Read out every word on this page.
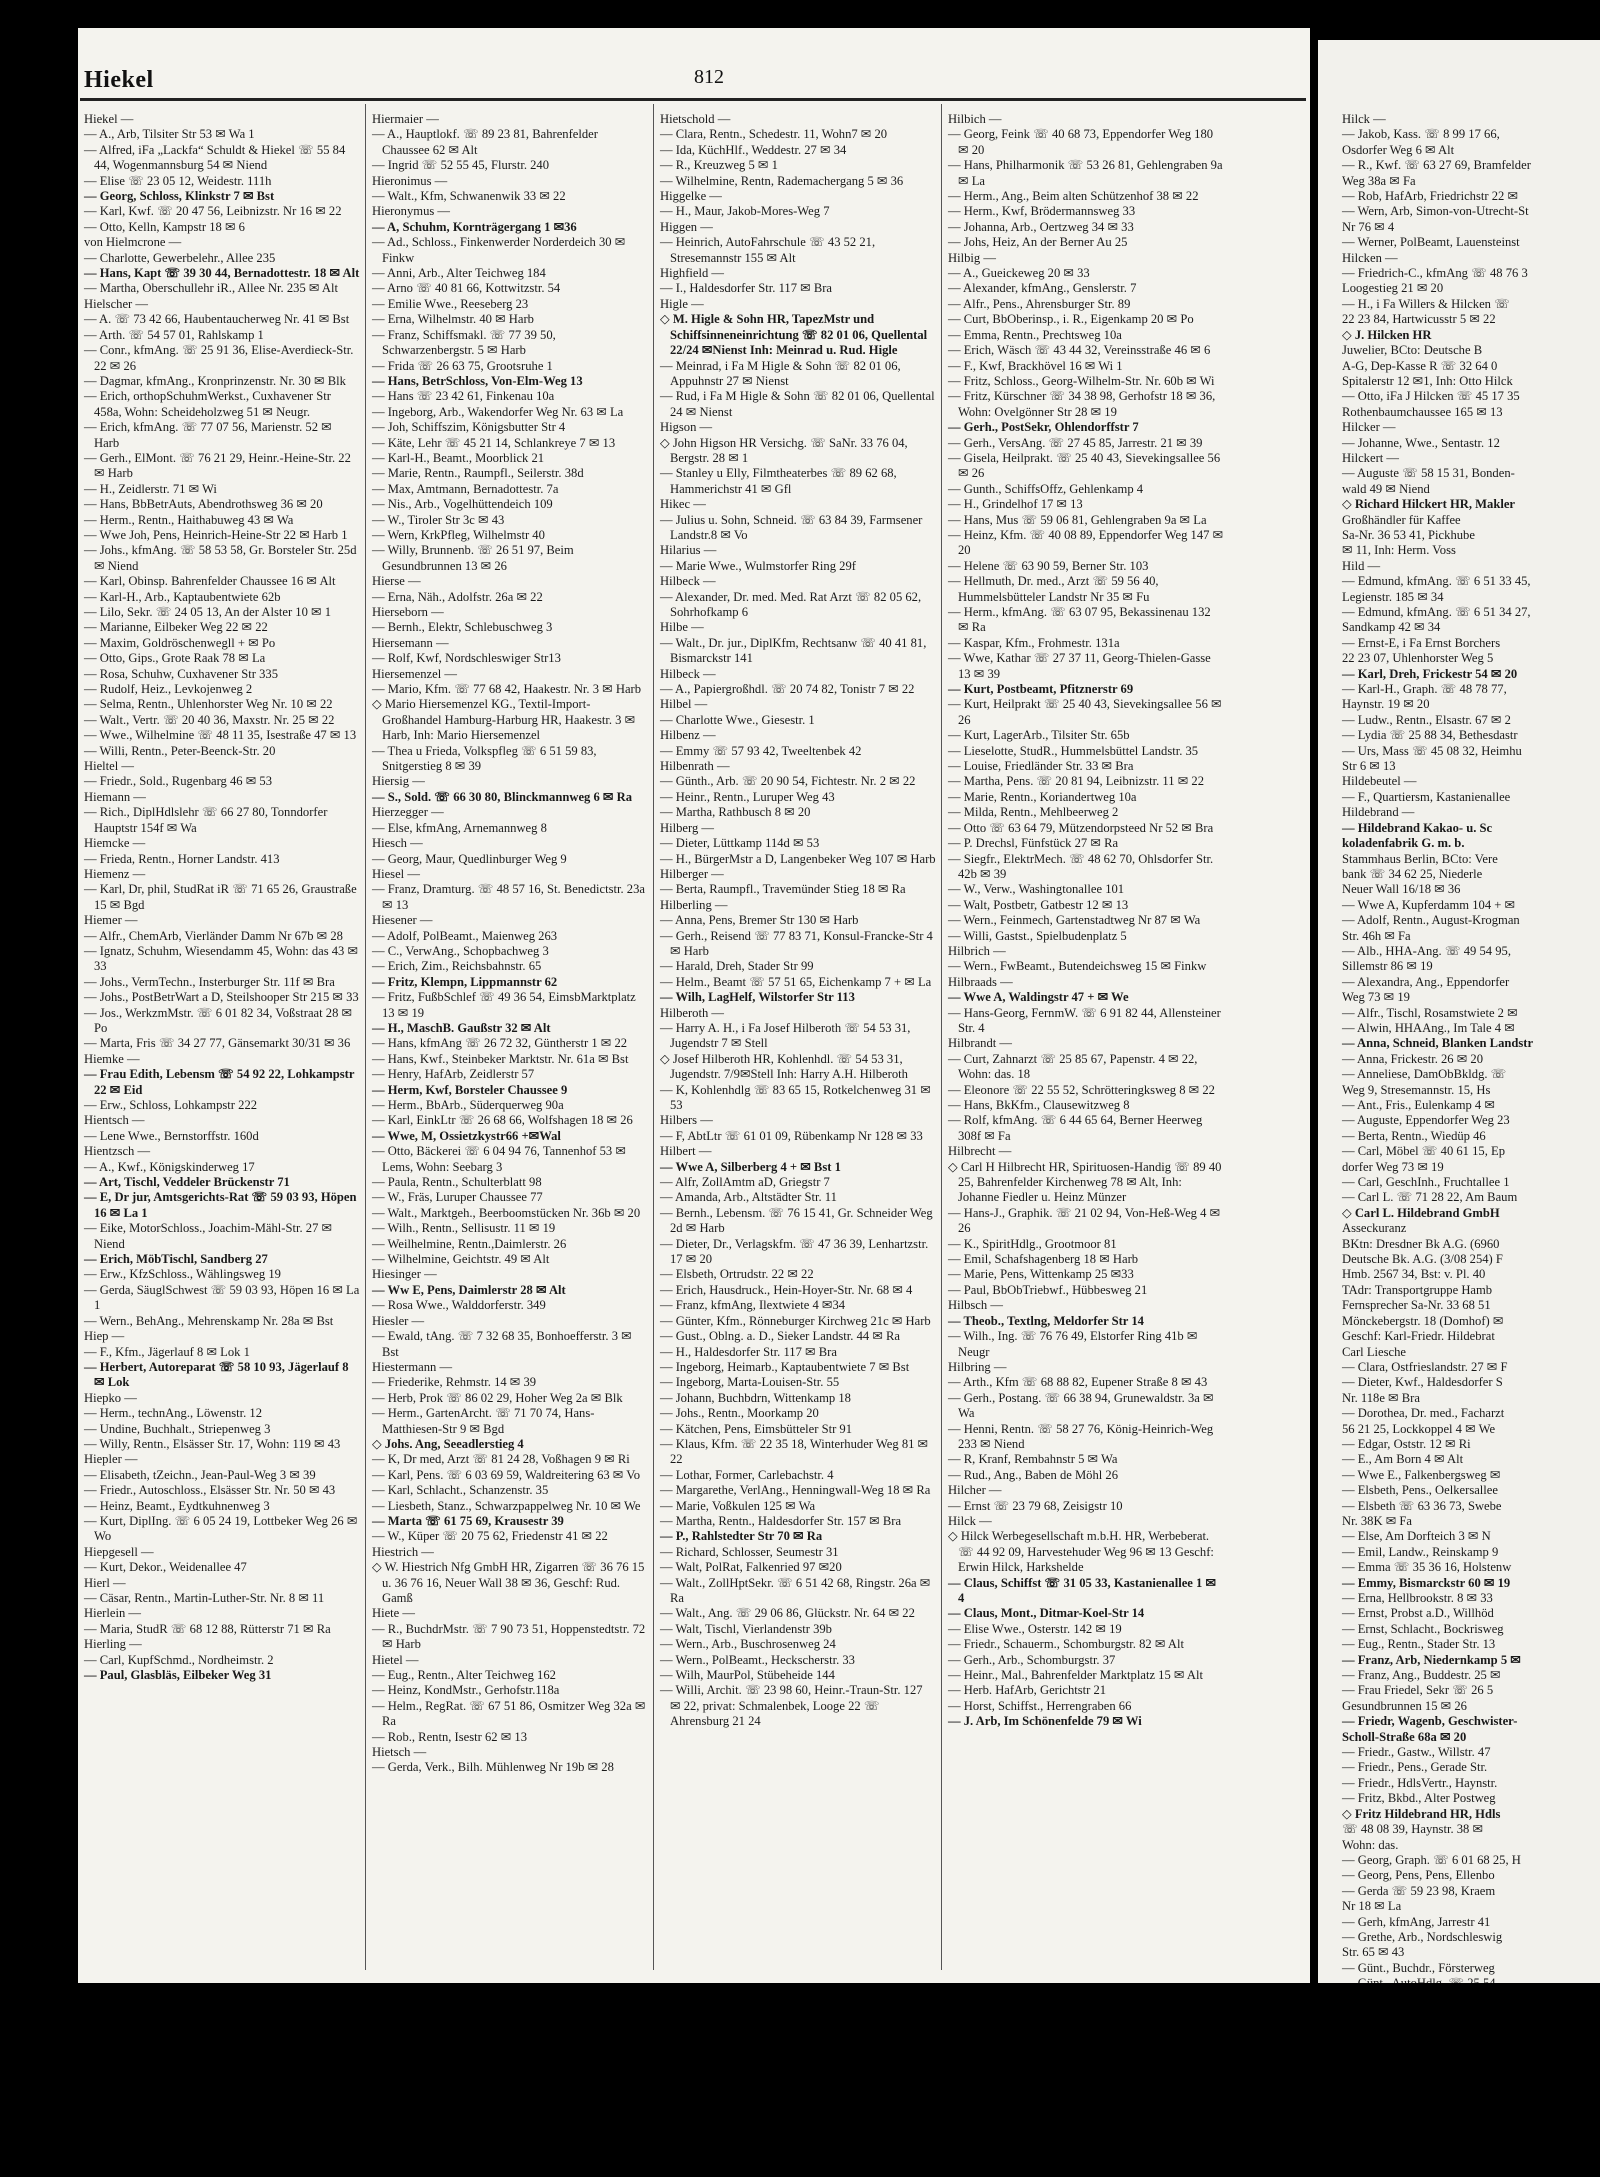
Hiekel	812

Hiekel —

— A., Arb, Tilsiter Str 53 ✉ Wa 1

— Alfred, iFa „Lackfa“ Schuldt & Hiekel ☏ 55 84 44, Wogenmannsburg 54 ✉ Niend

— Elise ☏ 23 05 12, Weidestr. 111h

— Georg, Schloss, Klinkstr 7 ✉ Bst

— Karl, Kwf. ☏ 20 47 56, Leibnizstr. Nr 16 ✉ 22

— Otto, Kelln, Kampstr 18 ✉ 6

von Hielmcrone —

— Charlotte, Gewerbelehr., Allee 235

— Hans, Kapt ☏ 39 30 44, Bernadottestr. 18 ✉ Alt

— Martha, Oberschullehr iR., Allee Nr. 235 ✉ Alt

Hielscher —

— A. ☏ 73 42 66, Haubentaucherweg Nr. 41 ✉ Bst

— Arth. ☏ 54 57 01, Rahlskamp 1

— Conr., kfmAng. ☏ 25 91 36, Elise-Averdieck-Str. 22 ✉ 26

— Dagmar, kfmAng., Kronprinzenstr. Nr. 30 ✉ Blk

— Erich, orthopSchuhmWerkst., Cuxhavener Str 458a, Wohn: Scheideholzweg 51 ✉ Neugr.

— Erich, kfmAng. ☏ 77 07 56, Marienstr. 52 ✉ Harb

— Gerh., ElMont. ☏ 76 21 29, Heinr.-Heine-Str. 22 ✉ Harb

— H., Zeidlerstr. 71 ✉ Wi

— Hans, BbBetrAuts, Abendrothsweg 36 ✉ 20

— Herm., Rentn., Haithabuweg 43 ✉ Wa

— Wwe Joh, Pens, Heinrich-Heine-Str 22 ✉ Harb 1

— Johs., kfmAng. ☏ 58 53 58, Gr. Borsteler Str. 25d ✉ Niend

— Karl, Obinsp. Bahrenfelder Chaussee 16 ✉ Alt

— Karl-H., Arb., Kaptaubentwiete 62b

— Lilo, Sekr. ☏ 24 05 13, An der Alster 10 ✉ 1

— Marianne, Eilbeker Weg 22 ✉ 22

— Maxim, Goldröschenwegll + ✉ Po

— Otto, Gips., Grote Raak 78 ✉ La

— Rosa, Schuhw, Cuxhavener Str 335

— Rudolf, Heiz., Levkojenweg 2

— Selma, Rentn., Uhlenhorster Weg Nr. 10 ✉ 22

— Walt., Vertr. ☏ 20 40 36, Maxstr. Nr. 25 ✉ 22

— Wwe., Wilhelmine ☏ 48 11 35, Isestraße 47 ✉ 13

— Willi, Rentn., Peter-Beenck-Str. 20

Hieltel —

— Friedr., Sold., Rugenbarg 46 ✉ 53

Hiemann —

— Rich., DiplHdlslehr ☏ 66 27 80, Tonndorfer Hauptstr 154f ✉ Wa

Hiemcke —

— Frieda, Rentn., Horner Landstr. 413

Hiemenz —

— Karl, Dr, phil, StudRat iR ☏ 71 65 26, Graustraße 15 ✉ Bgd

Hiemer —

— Alfr., ChemArb, Vierländer Damm Nr 67b ✉ 28

— Ignatz, Schuhm, Wiesendamm 45, Wohn: das 43 ✉ 33

— Johs., VermTechn., Insterburger Str. 11f ✉ Bra

— Johs., PostBetrWart a D, Steilshooper Str 215 ✉ 33

— Jos., WerkzmMstr. ☏ 6 01 82 34, Voßstraat 28 ✉ Po

— Marta, Fris ☏ 34 27 77, Gänsemarkt 30/31 ✉ 36

Hiemke —

— Frau Edith, Lebensm ☏ 54 92 22, Lohkampstr 22 ✉ Eid

— Erw., Schloss, Lohkampstr 222

Hientsch —

— Lene Wwe., Bernstorffstr. 160d

Hientzsch —

— A., Kwf., Königskinderweg 17

— Art, Tischl, Veddeler Brückenstr 71

— E, Dr jur, Amtsgerichts-Rat ☏ 59 03 93, Höpen 16 ✉ La 1

— Eike, MotorSchloss., Joachim-Mähl-Str. 27 ✉ Niend

— Erich, MöbTischl, Sandberg 27

— Erw., KfzSchloss., Wählingsweg 19

— Gerda, SäuglSchwest ☏ 59 03 93, Höpen 16 ✉ La 1

— Wern., BehAng., Mehrenskamp Nr. 28a ✉ Bst

Hiep —

— F., Kfm., Jägerlauf 8 ✉ Lok 1

— Herbert, Autoreparat ☏ 58 10 93, Jägerlauf 8 ✉ Lok

Hiepko —

— Herm., technAng., Löwenstr. 12

— Undine, Buchhalt., Striepenweg 3

— Willy, Rentn., Elsässer Str. 17, Wohn: 119 ✉ 43

Hiepler —

— Elisabeth, tZeichn., Jean-Paul-Weg 3 ✉ 39

— Friedr., Autoschloss., Elsässer Str. Nr. 50 ✉ 43

— Heinz, Beamt., Eydtkuhnenweg 3

— Kurt, DiplIng. ☏ 6 05 24 19, Lottbeker Weg 26 ✉ Wo

Hiepgesell —

— Kurt, Dekor., Weidenallee 47

Hierl —

— Cäsar, Rentn., Martin-Luther-Str. Nr. 8 ✉ 11

Hierlein —

— Maria, StudR ☏ 68 12 88, Rütterstr 71 ✉ Ra

Hierling —

— Carl, KupfSchmd., Nordheimstr. 2

— Paul, Glasbläs, Eilbeker Weg 31

Hiermaier —

— A., Hauptlokf. ☏ 89 23 81, Bahrenfelder Chaussee 62 ✉ Alt

— Ingrid ☏ 52 55 45, Flurstr. 240

Hieronimus —

— Walt., Kfm, Schwanenwik 33 ✉ 22

Hieronymus —

— A, Schuhm, Kornträgergang 1 ✉36

— Ad., Schloss., Finkenwerder Norderdeich 30 ✉ Finkw

— Anni, Arb., Alter Teichweg 184

— Arno ☏ 40 81 66, Kottwitzstr. 54

— Emilie Wwe., Reeseberg 23

— Erna, Wilhelmstr. 40 ✉ Harb

— Franz, Schiffsmakl. ☏ 77 39 50, Schwarzenbergstr. 5 ✉ Harb

— Frida ☏ 26 63 75, Grootsruhe 1

— Hans, BetrSchloss, Von-Elm-Weg 13

— Hans ☏ 23 42 61, Finkenau 10a

— Ingeborg, Arb., Wakendorfer Weg Nr. 63 ✉ La

— Joh, Schiffszim, Königsbutter Str 4

— Käte, Lehr ☏ 45 21 14, Schlankreye 7 ✉ 13

— Karl-H., Beamt., Moorblick 21

— Marie, Rentn., Raumpfl., Seilerstr. 38d

— Max, Amtmann, Bernadottestr. 7a

— Nis., Arb., Vogelhüttendeich 109

— W., Tiroler Str 3c ✉ 43

— Wern, KrkPfleg, Wilhelmstr 40

— Willy, Brunnenb. ☏ 26 51 97, Beim Gesundbrunnen 13 ✉ 26

Hierse —

— Erna, Näh., Adolfstr. 26a ✉ 22

Hierseborn —

— Bernh., Elektr, Schlebuschweg 3

Hiersemann —

— Rolf, Kwf, Nordschleswiger Str13

Hiersemenzel —

— Mario, Kfm. ☏ 77 68 42, Haakestr. Nr. 3 ✉ Harb

◇ Mario Hiersemenzel KG., Textil-Import-Großhandel Hamburg-Harburg HR, Haakestr. 3 ✉ Harb, Inh: Mario Hiersemenzel

— Thea u Frieda, Volkspfleg ☏ 6 51 59 83, Snitgerstieg 8 ✉ 39

Hiersig —

— S., Sold. ☏ 66 30 80, Blinckmannweg 6 ✉ Ra

Hierzegger —

— Else, kfmAng, Arnemannweg 8

Hiesch —

— Georg, Maur, Quedlinburger Weg 9

Hiesel —

— Franz, Dramturg. ☏ 48 57 16, St. Benedictstr. 23a ✉ 13

Hiesener —

— Adolf, PolBeamt., Maienweg 263

— C., VerwAng., Schopbachweg 3

— Erich, Zim., Reichsbahnstr. 65

— Fritz, Klempn, Lippmannstr 62

— Fritz, FußbSchlef ☏ 49 36 54, EimsbMarktplatz 13 ✉ 19

— H., MaschB. Gaußstr 32 ✉ Alt

— Hans, kfmAng ☏ 26 72 32, Güntherstr 1 ✉ 22

— Hans, Kwf., Steinbeker Marktstr. Nr. 61a ✉ Bst

— Henry, HafArb, Zeidlerstr 57

— Herm, Kwf, Borsteler Chaussee 9

— Herm., BbArb., Süderquerweg 90a

— Karl, EinkLtr ☏ 26 68 66, Wolfshagen 18 ✉ 26

— Wwe, M, Ossietzkystr66 +✉Wal

— Otto, Bäckerei ☏ 6 04 94 76, Tannenhof 53 ✉ Lems, Wohn: Seebarg 3

— Paula, Rentn., Schulterblatt 98

— W., Fräs, Luruper Chaussee 77

— Walt., Marktgeh., Beerboomstücken Nr. 36b ✉ 20

— Wilh., Rentn., Sellisustr. 11 ✉ 19

— Weilhelmine, Rentn.,Daimlerstr. 26

— Wilhelmine, Geichtstr. 49 ✉ Alt

Hiesinger —

— Ww E, Pens, Daimlerstr 28 ✉ Alt

— Rosa Wwe., Walddorferstr. 349

Hiesler —

— Ewald, tAng. ☏ 7 32 68 35, Bonhoefferstr. 3 ✉ Bst

Hiestermann —

— Friederike, Rehmstr. 14 ✉ 39

— Herb, Prok ☏ 86 02 29, Hoher Weg 2a ✉ Blk

— Herm., GartenArcht. ☏ 71 70 74, Hans-Matthiesen-Str 9 ✉ Bgd

◇ Johs. Ang, Seeadlerstieg 4

— K, Dr med, Arzt ☏ 81 24 28, Voßhagen 9 ✉ Ri

— Karl, Pens. ☏ 6 03 69 59, Waldreitering 63 ✉ Vo

— Karl, Schlacht., Schanzenstr. 35

— Liesbeth, Stanz., Schwarzpappelweg Nr. 10 ✉ We

— Marta ☏ 61 75 69, Krausestr 39

— W., Küper ☏ 20 75 62, Friedenstr 41 ✉ 22

Hiestrich —

◇ W. Hiestrich Nfg GmbH HR, Zigarren ☏ 36 76 15 u. 36 76 16, Neuer Wall 38 ✉ 36, Geschf: Rud. Gamß

Hiete —

— R., BuchdrMstr. ☏ 7 90 73 51, Hoppenstedtstr. 72 ✉ Harb

Hietel —

— Eug., Rentn., Alter Teichweg 162

— Heinz, KondMstr., Gerhofstr.118a

— Helm., RegRat. ☏ 67 51 86, Osmitzer Weg 32a ✉ Ra

— Rob., Rentn, Isestr 62 ✉ 13

Hietsch —

— Gerda, Verk., Bilh. Mühlenweg Nr 19b ✉ 28

Hietschold —

— Clara, Rentn., Schedestr. 11, Wohn7 ✉ 20

— Ida, KüchHlf., Weddestr. 27 ✉ 34

— R., Kreuzweg 5 ✉ 1

— Wilhelmine, Rentn, Rademachergang 5 ✉ 36

Higgelke —

— H., Maur, Jakob-Mores-Weg 7

Higgen —

— Heinrich, AutoFahrschule ☏ 43 52 21, Stresemannstr 155 ✉ Alt

Highfield —

— I., Haldesdorfer Str. 117 ✉ Bra

Higle —

◇ M. Higle & Sohn HR, TapezMstr und Schiffsinneneinrichtung ☏ 82 01 06, Quellental 22/24 ✉Nienst Inh: Meinrad u. Rud. Higle

— Meinrad, i Fa M Higle & Sohn ☏ 82 01 06, Appuhnstr 27 ✉ Nienst

— Rud, i Fa M Higle & Sohn ☏ 82 01 06, Quellental 24 ✉ Nienst

Higson —

◇ John Higson HR Versichg. ☏ SaNr. 33 76 04, Bergstr. 28 ✉ 1

— Stanley u Elly, Filmtheaterbes ☏ 89 62 68, Hammerichstr 41 ✉ Gfl

Hikec —

— Julius u. Sohn, Schneid. ☏ 63 84 39, Farmsener Landstr.8 ✉ Vo

Hilarius —

— Marie Wwe., Wulmstorfer Ring 29f

Hilbeck —

— Alexander, Dr. med. Med. Rat Arzt ☏ 82 05 62, Sohrhofkamp 6

Hilbe —

— Walt., Dr. jur., DiplKfm, Rechtsanw ☏ 40 41 81, Bismarckstr 141

Hilbeck —

— A., Papiergroßhdl. ☏ 20 74 82, Tonistr 7 ✉ 22

Hilbel —

— Charlotte Wwe., Giesestr. 1

Hilbenz —

— Emmy ☏ 57 93 42, Tweeltenbek 42

Hilbenrath —

— Günth., Arb. ☏ 20 90 54, Fichtestr. Nr. 2 ✉ 22

— Heinr., Rentn., Luruper Weg 43

— Martha, Rathbusch 8 ✉ 20

Hilberg —

— Dieter, Lüttkamp 114d ✉ 53

— H., BürgerMstr a D, Langenbeker Weg 107 ✉ Harb

Hilberger —

— Berta, Raumpfl., Travemünder Stieg 18 ✉ Ra

Hilberling —

— Anna, Pens, Bremer Str 130 ✉ Harb

— Gerh., Reisend ☏ 77 83 71, Konsul-Francke-Str 4 ✉ Harb

— Harald, Dreh, Stader Str 99

— Helm., Beamt ☏ 57 51 65, Eichenkamp 7 + ✉ La

— Wilh, LagHelf, Wilstorfer Str 113

Hilberoth —

— Harry A. H., i Fa Josef Hilberoth ☏ 54 53 31, Jugendstr 7 ✉ Stell

◇ Josef Hilberoth HR, Kohlenhdl. ☏ 54 53 31, Jugendstr. 7/9✉Stell Inh: Harry A.H. Hilberoth

— K, Kohlenhdlg ☏ 83 65 15, Rotkelchenweg 31 ✉ 53

Hilbers —

— F, AbtLtr ☏ 61 01 09, Rübenkamp Nr 128 ✉ 33

Hilbert —

— Wwe A, Silberberg 4 + ✉ Bst 1

— Alfr, ZollAmtm aD, Griegstr 7

— Amanda, Arb., Altstädter Str. 11

— Bernh., Lebensm. ☏ 76 15 41, Gr. Schneider Weg 2d ✉ Harb

— Dieter, Dr., Verlagskfm. ☏ 47 36 39, Lenhartzstr. 17 ✉ 20

— Elsbeth, Ortrudstr. 22 ✉ 22

— Erich, Hausdruck., Hein-Hoyer-Str. Nr. 68 ✉ 4

— Franz, kfmAng, Ilextwiete 4 ✉34

— Günter, Kfm., Rönneburger Kirchweg 21c ✉ Harb

— Gust., Oblng. a. D., Sieker Landstr. 44 ✉ Ra

— H., Haldesdorfer Str. 117 ✉ Bra

— Ingeborg, Heimarb., Kaptaubentwiete 7 ✉ Bst

— Ingeborg, Marta-Louisen-Str. 55

— Johann, Buchbdrn, Wittenkamp 18

— Johs., Rentn., Moorkamp 20

— Kätchen, Pens, Eimsbütteler Str 91

— Klaus, Kfm. ☏ 22 35 18, Winterhuder Weg 81 ✉ 22

— Lothar, Former, Carlebachstr. 4

— Margarethe, VerlAng., Henningwall-Weg 18 ✉ Ra

— Marie, Voßkulen 125 ✉ Wa

— Martha, Rentn., Haldesdorfer Str. 157 ✉ Bra

— P., Rahlstedter Str 70 ✉ Ra

— Richard, Schlosser, Seumestr 31

— Walt, PolRat, Falkenried 97 ✉20

— Walt., ZollHptSekr. ☏ 6 51 42 68, Ringstr. 26a ✉ Ra

— Walt., Ang. ☏ 29 06 86, Glückstr. Nr. 64 ✉ 22

— Walt, Tischl, Vierlandenstr 39b

— Wern., Arb., Buschrosenweg 24

— Wern., PolBeamt., Heckscherstr. 33

— Wilh, MaurPol, Stübeheide 144

— Willi, Archit. ☏ 23 98 60, Heinr.-Traun-Str. 127 ✉ 22, privat: Schmalenbek, Looge 22 ☏ Ahrensburg 21 24

Hilbich —

— Georg, Feink ☏ 40 68 73, Eppendorfer Weg 180 ✉ 20

— Hans, Philharmonik ☏ 53 26 81, Gehlengraben 9a ✉ La

— Herm., Ang., Beim alten Schützenhof 38 ✉ 22

— Herm., Kwf, Brödermannsweg 33

— Johanna, Arb., Oertzweg 34 ✉ 33

— Johs, Heiz, An der Berner Au 25

Hilbig —

— A., Gueickeweg 20 ✉ 33

— Alexander, kfmAng., Genslerstr. 7

— Alfr., Pens., Ahrensburger Str. 89

— Curt, BbOberinsp., i. R., Eigenkamp 20 ✉ Po

— Emma, Rentn., Prechtsweg 10a

— Erich, Wäsch ☏ 43 44 32, Vereinsstraße 46 ✉ 6

— F., Kwf, Brackhövel 16 ✉ Wi 1

— Fritz, Schloss., Georg-Wilhelm-Str. Nr. 60b ✉ Wi

— Fritz, Kürschner ☏ 34 38 98, Gerhofstr 18 ✉ 36, Wohn: Ovelgönner Str 28 ✉ 19

— Gerh., PostSekr, Ohlendorffstr 7

— Gerh., VersAng. ☏ 27 45 85, Jarrestr. 21 ✉ 39

— Gisela, Heilprakt. ☏ 25 40 43, Sievekingsallee 56 ✉ 26

— Gunth., SchiffsOffz, Gehlenkamp 4

— H., Grindelhof 17 ✉ 13

— Hans, Mus ☏ 59 06 81, Gehlengraben 9a ✉ La

— Heinz, Kfm. ☏ 40 08 89, Eppendorfer Weg 147 ✉ 20

— Helene ☏ 63 90 59, Berner Str. 103

— Hellmuth, Dr. med., Arzt ☏ 59 56 40, Hummelsbütteler Landstr Nr 35 ✉ Fu

— Herm., kfmAng. ☏ 63 07 95, Bekassinenau 132 ✉ Ra

— Kaspar, Kfm., Frohmestr. 131a

— Wwe, Kathar ☏ 27 37 11, Georg-Thielen-Gasse 13 ✉ 39

— Kurt, Postbeamt, Pfitznerstr 69

— Kurt, Heilprakt ☏ 25 40 43, Sievekingsallee 56 ✉ 26

— Kurt, LagerArb., Tilsiter Str. 65b

— Lieselotte, StudR., Hummelsbüttel Landstr. 35

— Louise, Friedländer Str. 33 ✉ Bra

— Martha, Pens. ☏ 20 81 94, Leibnizstr. 11 ✉ 22

— Marie, Rentn., Koriandertweg 10a

— Milda, Rentn., Mehlbeerweg 2

— Otto ☏ 63 64 79, Mützendorpsteed Nr 52 ✉ Bra

— P. Drechsl, Fünfstück 27 ✉ Ra

— Siegfr., ElektrMech. ☏ 48 62 70, Ohlsdorfer Str. 42b ✉ 39

— W., Verw., Washingtonallee 101

— Walt, Postbetr, Gatbestr 12 ✉ 13

— Wern., Feinmech, Gartenstadtweg Nr 87 ✉ Wa

— Willi, Gastst., Spielbudenplatz 5

Hilbrich —

— Wern., FwBeamt., Butendeichsweg 15 ✉ Finkw

Hilbraads —

— Wwe A, Waldingstr 47 + ✉ We

— Hans-Georg, FernmW. ☏ 6 91 82 44, Allensteiner Str. 4

Hilbrandt —

— Curt, Zahnarzt ☏ 25 85 67, Papenstr. 4 ✉ 22, Wohn: das. 18

— Eleonore ☏ 22 55 52, Schrötteringksweg 8 ✉ 22

— Hans, BkKfm., Clausewitzweg 8

— Rolf, kfmAng. ☏ 6 44 65 64, Berner Heerweg 308f ✉ Fa

Hilbrecht —

◇ Carl H Hilbrecht HR, Spirituosen-Handig ☏ 89 40 25, Bahrenfelder Kirchenweg 78 ✉ Alt, Inh: Johanne Fiedler u. Heinz Münzer

— Hans-J., Graphik. ☏ 21 02 94, Von-Heß-Weg 4 ✉ 26

— K., SpiritHdlg., Grootmoor 81

— Emil, Schafshagenberg 18 ✉ Harb

— Marie, Pens, Wittenkamp 25 ✉33

— Paul, BbObTriebwf., Hübbesweg 21

Hilbsch —

— Theob., Textlng, Meldorfer Str 14

— Wilh., Ing. ☏ 76 76 49, Elstorfer Ring 41b ✉ Neugr

Hilbring —

— Arth., Kfm ☏ 68 88 82, Eupener Straße 8 ✉ 43

— Gerh., Postang. ☏ 66 38 94, Grunewaldstr. 3a ✉ Wa

— Henni, Rentn. ☏ 58 27 76, König-Heinrich-Weg 233 ✉ Niend

— R, Kranf, Rembahnstr 5 ✉ Wa

— Rud., Ang., Baben de Möhl 26

Hilcher —

— Ernst ☏ 23 79 68, Zeisigstr 10

Hilck —

◇ Hilck Werbegesellschaft m.b.H. HR, Werbeberat. ☏ 44 92 09, Harvestehuder Weg 96 ✉ 13 Geschf: Erwin Hilck, Harkshelde

— Claus, Schiffst ☏ 31 05 33, Kastanienallee 1 ✉ 4

— Claus, Mont., Ditmar-Koel-Str 14

— Elise Wwe., Osterstr. 142 ✉ 19

— Friedr., Schauerm., Schomburgstr. 82 ✉ Alt

— Gerh., Arb., Schomburgstr. 37

— Heinr., Mal., Bahrenfelder Marktplatz 15 ✉ Alt

— Herb. HafArb, Gerichtstr 21

— Horst, Schiffst., Herrengraben 66

— J. Arb, Im Schönenfelde 79 ✉ Wi

Hilck —

— Jakob, Kass. ☏ 8 99 17 66,

Osdorfer Weg 6 ✉ Alt

— R., Kwf. ☏ 63 27 69, Bramfelder

Weg 38a ✉ Fa

— Rob, HafArb, Friedrichstr 22 ✉

— Wern, Arb, Simon-von-Utrecht-St

Nr 76 ✉ 4

— Werner, PolBeamt, Lauensteinst

Hilcken —

— Friedrich-C., kfmAng ☏ 48 76 3

Loogestieg 21 ✉ 20

— H., i Fa Willers & Hilcken ☏

22 23 84, Hartwicusstr 5 ✉ 22

◇ J. Hilcken HR

Juwelier, BCto: Deutsche B

A-G, Dep-Kasse R ☏ 32 64 0

Spitalerstr 12 ✉1, Inh: Otto Hilck

— Otto, iFa J Hilcken ☏ 45 17 35

Rothenbaumchaussee 165 ✉ 13

Hilcker —

— Johanne, Wwe., Sentastr. 12

Hilckert —

— Auguste ☏ 58 15 31, Bonden-

wald 49 ✉ Niend

◇ Richard Hilckert HR, Makler

Großhändler für Kaffee

Sa-Nr. 36 53 41, Pickhube

✉ 11, Inh: Herm. Voss

Hild —

— Edmund, kfmAng. ☏ 6 51 33 45,

Legienstr. 185 ✉ 34

— Edmund, kfmAng. ☏ 6 51 34 27,

Sandkamp 42 ✉ 34

— Ernst-E, i Fa Ernst Borchers

22 23 07, Uhlenhorster Weg 5

— Karl, Dreh, Frickestr 54 ✉ 20

— Karl-H., Graph. ☏ 48 78 77,

Haynstr. 19 ✉ 20

— Ludw., Rentn., Elsastr. 67 ✉ 2

— Lydia ☏ 25 88 34, Bethesdastr

— Urs, Mass ☏ 45 08 32, Heimhu

Str 6 ✉ 13

Hildebeutel —

— F., Quartiersm, Kastanienallee

Hildebrand —

— Hildebrand Kakao- u. Sc

koladenfabrik G. m. b.

Stammhaus Berlin, BCto: Vere

bank ☏ 34 62 25, Niederle

Neuer Wall 16/18 ✉ 36

— Wwe A, Kupferdamm 104 + ✉

— Adolf, Rentn., August-Krogman

Str. 46h ✉ Fa

— Alb., HHA-Ang. ☏ 49 54 95,

Sillemstr 86 ✉ 19

— Alexandra, Ang., Eppendorfer

Weg 73 ✉ 19

— Alfr., Tischl, Rosamstwiete 2 ✉

— Alwin, HHAAng., Im Tale 4 ✉

— Anna, Schneid, Blanken Landstr

— Anna, Frickestr. 26 ✉ 20

— Anneliese, DamObBkldg. ☏

Weg 9, Stresemannstr. 15, Hs

— Ant., Fris., Eulenkamp 4 ✉

— Auguste, Eppendorfer Weg 23

— Berta, Rentn., Wiedüp 46

— Carl, Möbel ☏ 40 61 15, Ep

dorfer Weg 73 ✉ 19

— Carl, GeschInh., Fruchtallee 1

— Carl L. ☏ 71 28 22, Am Baum

◇ Carl L. Hildebrand GmbH

Asseckuranz

BKtn: Dresdner Bk A.G. (6960

Deutsche Bk. A.G. (3/08 254) F

Hmb. 2567 34, Bst: v. Pl. 40

TAdr: Transportgruppe Hamb

Fernsprecher Sa-Nr. 33 68 51

Mönckebergstr. 18 (Domhof) ✉

Geschf: Karl-Friedr. Hildebrat

Carl Liesche

— Clara, Ostfrieslandstr. 27 ✉ F

— Dieter, Kwf., Haldesdorfer S

Nr. 118e ✉ Bra

— Dorothea, Dr. med., Facharzt

56 21 25, Lockkoppel 4 ✉ We

— Edgar, Oststr. 12 ✉ Ri

— E., Am Born 4 ✉ Alt

— Wwe E., Falkenbergsweg ✉

— Elsbeth, Pens., Oelkersallee

— Elsbeth ☏ 63 36 73, Swebe

Nr. 38K ✉ Fa

— Else, Am Dorfteich 3 ✉ N

— Emil, Landw., Reinskamp 9

— Emma ☏ 35 36 16, Holstenw

— Emmy, Bismarckstr 60 ✉ 19

— Erna, Hellbrookstr. 8 ✉ 33

— Ernst, Probst a.D., Willhöd

— Ernst, Schlacht., Bockrisweg

— Eug., Rentn., Stader Str. 13

— Franz, Arb, Niedernkamp 5 ✉

— Franz, Ang., Buddestr. 25 ✉

— Frau Friedel, Sekr ☏ 26 5

Gesundbrunnen 15 ✉ 26

— Friedr, Wagenb, Geschwister-

Scholl-Straße 68a ✉ 20

— Friedr., Gastw., Willstr. 47

— Friedr., Pens., Gerade Str.

— Friedr., HdlsVertr., Haynstr.

— Fritz, Bkbd., Alter Postweg

◇ Fritz Hildebrand HR, Hdls

☏ 48 08 39, Haynstr. 38 ✉

Wohn: das.

— Georg, Graph. ☏ 6 01 68 25, H

— Georg, Pens, Pens, Ellenbo

— Gerda ☏ 59 23 98, Kraem

Nr 18 ✉ La

— Gerh, kfmAng, Jarrestr 41

— Grethe, Arb., Nordschleswig

Str. 65 ✉ 43

— Günt., Buchdr., Försterweg
